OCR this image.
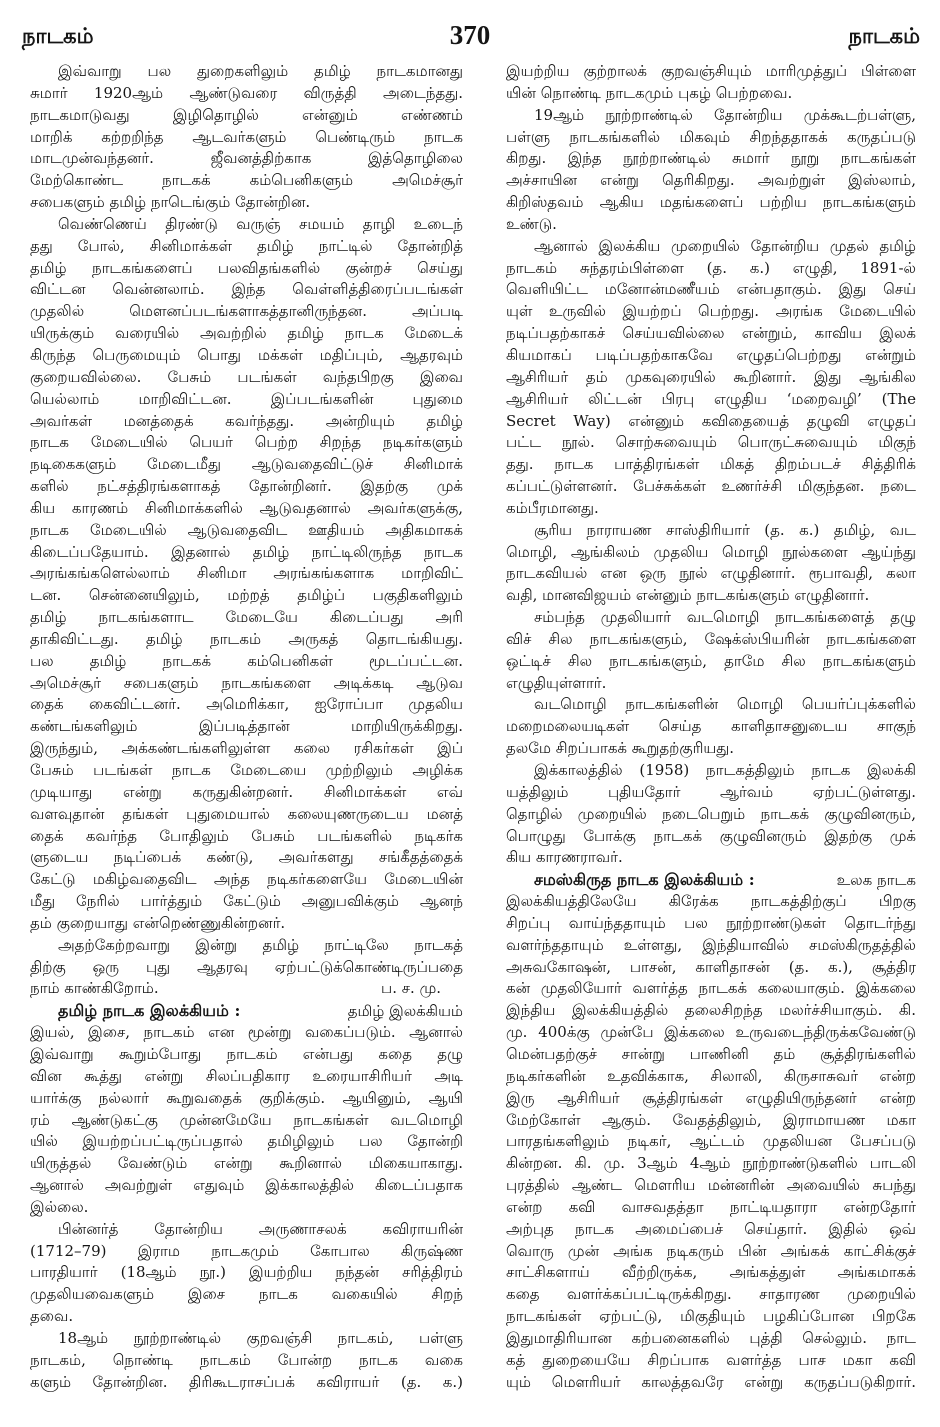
நாடகம்	370	நாடகம்
இவ்வாறு பல துறைகளிலும் தமிழ் நாடகமானது
சுமார் 1920ஆம் ஆண்டுவரை விருத்தி அடைந்தது.
நாடகமாடுவது இழிதொழில் என்னும் எண்ணம்
மாறிக் கற்றறிந்த ஆடவர்களும் பெண்டிரும் நாடக
மாடமுன்வந்தனர். ஜீவனத்திற்காக இத்தொழிலை
மேற்கொண்ட நாடகக் கம்பெனிகளும் அமெச்சூர்
சபைகளும் தமிழ் நாடெங்கும் தோன்றின.
வெண்ணெய் திரண்டு வருஞ் சமயம் தாழி உடைந்
தது போல், சினிமாக்கள் தமிழ் நாட்டில் தோன்றித்
தமிழ் நாடகங்களைப் பலவிதங்களில் குன்றச் செய்து
விட்டன வென்னலாம். இந்த வெள்ளித்திரைப்படங்கள்
முதலில் மௌனப்படங்களாகத்தானிருந்தன. அப்படி
யிருக்கும் வரையில் அவற்றில் தமிழ் நாடக மேடைக்
கிருந்த பெருமையும் பொது மக்கள் மதிப்பும், ஆதரவும்
குறையவில்லை. பேசும் படங்கள் வந்தபிறகு இவை
யெல்லாம் மாறிவிட்டன. இப்படங்களின் புதுமை
அவர்கள் மனத்தைக் கவர்ந்தது. அன்றியும் தமிழ்
நாடக மேடையில் பெயர் பெற்ற சிறந்த நடிகர்களும்
நடிகைகளும் மேடைமீது ஆடுவதைவிட்டுச் சினிமாக்
களில் நட்சத்திரங்களாகத் தோன்றினர். இதற்கு முக்
கிய காரணம் சினிமாக்களில் ஆடுவதனால் அவர்களுக்கு,
நாடக மேடையில் ஆடுவதைவிட ஊதியம் அதிகமாகக்
கிடைப்பதேயாம். இதனால் தமிழ் நாட்டிலிருந்த நாடக
அரங்கங்களெல்லாம் சினிமா அரங்கங்களாக மாறிவிட்
டன. சென்னையிலும், மற்றத் தமிழ்ப் பகுதிகளிலும்
தமிழ் நாடகங்களாட மேடையே கிடைப்பது அரி
தாகிவிட்டது. தமிழ் நாடகம் அருகத் தொடங்கியது.
பல தமிழ் நாடகக் கம்பெனிகள் மூடப்பட்டன.
அமெச்சூர் சபைகளும் நாடகங்களை அடிக்கடி ஆடுவ
தைக் கைவிட்டனர். அமெரிக்கா, ஐரோப்பா முதலிய
கண்டங்களிலும் இப்படித்தான் மாறியிருக்கிறது.
இருந்தும், அக்கண்டங்களிலுள்ள கலை ரசிகர்கள் இப்
பேசும் படங்கள் நாடக மேடையை முற்றிலும் அழிக்க
முடியாது என்று கருதுகின்றனர். சினிமாக்கள் எவ்
வளவுதான் தங்கள் புதுமையால் கலையுணருடைய மனத்
தைக் கவர்ந்த போதிலும் பேசும் படங்களில் நடிகர்க
ளுடைய நடிப்பைக் கண்டு, அவர்களது சங்கீதத்தைக்
கேட்டு மகிழ்வதைவிட அந்த நடிகர்களையே மேடையின்
மீது நேரில் பார்த்தும் கேட்டும் அனுபவிக்கும் ஆனந்
தம் குறையாது என்றெண்ணுகின்றனர்.
அதற்கேற்றவாறு இன்று தமிழ் நாட்டிலே நாடகத்
திற்கு ஒரு புது ஆதரவு ஏற்பட்டுக்கொண்டிருப்பதை
நாம் காண்கிறோம்.	ப. ச. மு.
தமிழ் நாடக இலக்கியம் :	தமிழ் இலக்கியம்
இயல், இசை, நாடகம் என மூன்று வகைப்படும். ஆனால்
இவ்வாறு கூறும்போது நாடகம் என்பது கதை தழு
வின கூத்து என்று சிலப்பதிகார உரையாசிரியர் அடி
யார்க்கு நல்லார் கூறுவதைக் குறிக்கும். ஆயினும், ஆயி
ரம் ஆண்டுகட்கு முன்னமேயே நாடகங்கள் வடமொழி
யில் இயற்றப்பட்டிருப்பதால் தமிழிலும் பல தோன்றி
யிருத்தல் வேண்டும் என்று கூறினால் மிகையாகாது.
ஆனால் அவற்றுள் எதுவும் இக்காலத்தில் கிடைப்பதாக
இல்லை.
பின்னர்த் தோன்றிய அருணாசலக் கவிராயரின்
(1712–79) இராம நாடகமும் கோபால கிருஷ்ண
பாரதியார் (18ஆம் நூ.) இயற்றிய நந்தன் சரித்திரம்
முதலியவைகளும் இசை நாடக வகையில் சிறந்
தவை.
18ஆம் நூற்றாண்டில் குறவஞ்சி நாடகம், பள்ளு
நாடகம், நொண்டி நாடகம் போன்ற நாடக வகை
களும் தோன்றின. திரிகூடராசப்பக் கவிராயர் (த. க.)
இயற்றிய குற்றாலக் குறவஞ்சியும் மாரிமுத்துப் பிள்ளை
யின் நொண்டி நாடகமும் புகழ் பெற்றவை.
19ஆம் நூற்றாண்டில் தோன்றிய முக்கூடற்பள்ளு,
பள்ளு நாடகங்களில் மிகவும் சிறந்ததாகக் கருதப்படு
கிறது. இந்த நூற்றாண்டில் சுமார் நூறு நாடகங்கள்
அச்சாயின என்று தெரிகிறது. அவற்றுள் இஸ்லாம்,
கிறிஸ்தவம் ஆகிய மதங்களைப் பற்றிய நாடகங்களும்
உண்டு.
ஆனால் இலக்கிய முறையில் தோன்றிய முதல் தமிழ்
நாடகம் சுந்தரம்பிள்ளை (த. க.) எழுதி, 1891-ல்
வெளியிட்ட மனோன்மணீயம் என்பதாகும். இது செய்
யுள் உருவில் இயற்றப் பெற்றது. அரங்க மேடையில்
நடிப்பதற்காகச் செய்யவில்லை என்றும், காவிய இலக்
கியமாகப் படிப்பதற்காகவே எழுதப்பெற்றது என்றும்
ஆசிரியர் தம் முகவுரையில் கூறினார். இது ஆங்கில
ஆசிரியர் லிட்டன் பிரபு எழுதிய ‘மறைவழி’ (The
Secret Way) என்னும் கவிதையைத் தழுவி எழுதப்
பட்ட நூல். சொற்சுவையும் பொருட்சுவையும் மிகுந்
தது. நாடக பாத்திரங்கள் மிகத் திறம்படச் சித்திரிக்
கப்பட்டுள்ளனர். பேச்சுக்கள் உணர்ச்சி மிகுந்தன. நடை
கம்பீரமானது.
சூரிய நாராயண சாஸ்திரியார் (த. க.) தமிழ், வட
மொழி, ஆங்கிலம் முதலிய மொழி நூல்களை ஆய்ந்து
நாடகவியல் என ஒரு நூல் எழுதினார். ரூபாவதி, கலா
வதி, மானவிஜயம் என்னும் நாடகங்களும் எழுதினார்.
சம்பந்த முதலியார் வடமொழி நாடகங்களைத் தழு
விச் சில நாடகங்களும், ஷேக்ஸ்பியரின் நாடகங்களை
ஒட்டிச் சில நாடகங்களும், தாமே சில நாடகங்களும்
எழுதியுள்ளார்.
வடமொழி நாடகங்களின் மொழி பெயர்ப்புக்களில்
மறைமலையடிகள் செய்த காளிதாசனுடைய சாகுந்
தலமே சிறப்பாகக் கூறுதற்குரியது.
இக்காலத்தில் (1958) நாடகத்திலும் நாடக இலக்கி
யத்திலும் புதியதோர் ஆர்வம் ஏற்பட்டுள்ளது.
தொழில் முறையில் நடைபெறும் நாடகக் குழுவினரும்,
பொழுது போக்கு நாடகக் குழுவினரும் இதற்கு முக்
கிய காரணராவர்.
சமஸ்கிருத நாடக இலக்கியம் :	உலக நாடக
இலக்கியத்திலேயே கிரேக்க நாடகத்திற்குப் பிறகு
சிறப்பு வாய்ந்ததாயும் பல நூற்றாண்டுகள் தொடர்ந்து
வளர்ந்ததாயும் உள்ளது, இந்தியாவில் சமஸ்கிருதத்தில்
அசுவகோஷன், பாசன், காளிதாசன் (த. க.), சூத்திர
கன் முதலியோர் வளர்த்த நாடகக் கலையாகும். இக்கலை
இந்திய இலக்கியத்தில் தலைசிறந்த மலர்ச்சியாகும். கி.
மு. 400க்கு முன்பே இக்கலை உருவடைந்திருக்கவேண்டு
மென்பதற்குச் சான்று பாணினி தம் சூத்திரங்களில்
நடிகர்களின் உதவிக்காக, சிலாலி, கிருசாசுவர் என்ற
இரு ஆசிரியர் சூத்திரங்கள் எழுதியிருந்தனர் என்ற
மேற்கோள் ஆகும். வேதத்திலும், இராமாயண மகா
பாரதங்களிலும் நடிகர், ஆட்டம் முதலியன பேசப்படு
கின்றன. கி. மு. 3ஆம் 4ஆம் நூற்றாண்டுகளில் பாடலி
புரத்தில் ஆண்ட மௌரிய மன்னரின் அவையில் சுபந்து
என்ற கவி வாசவதத்தா நாட்டியதாரா என்றதோர்
அற்புத நாடக அமைப்பைச் செய்தார். இதில் ஒவ்
வொரு முன் அங்க நடிகரும் பின் அங்கக் காட்சிக்குச்
சாட்சிகளாய் வீற்றிருக்க, அங்கத்துள் அங்கமாகக்
கதை வளர்க்கப்பட்டிருக்கிறது. சாதாரண முறையில்
நாடகங்கள் ஏற்பட்டு, மிகுதியும் பழகிப்போன பிறகே
இதுமாதிரியான கற்பனைகளில் புத்தி செல்லும். நாட
கத் துறையையே சிறப்பாக வளர்த்த பாச மகா கவி
யும் மௌரியர் காலத்தவரே என்று கருதப்படுகிறார்.
